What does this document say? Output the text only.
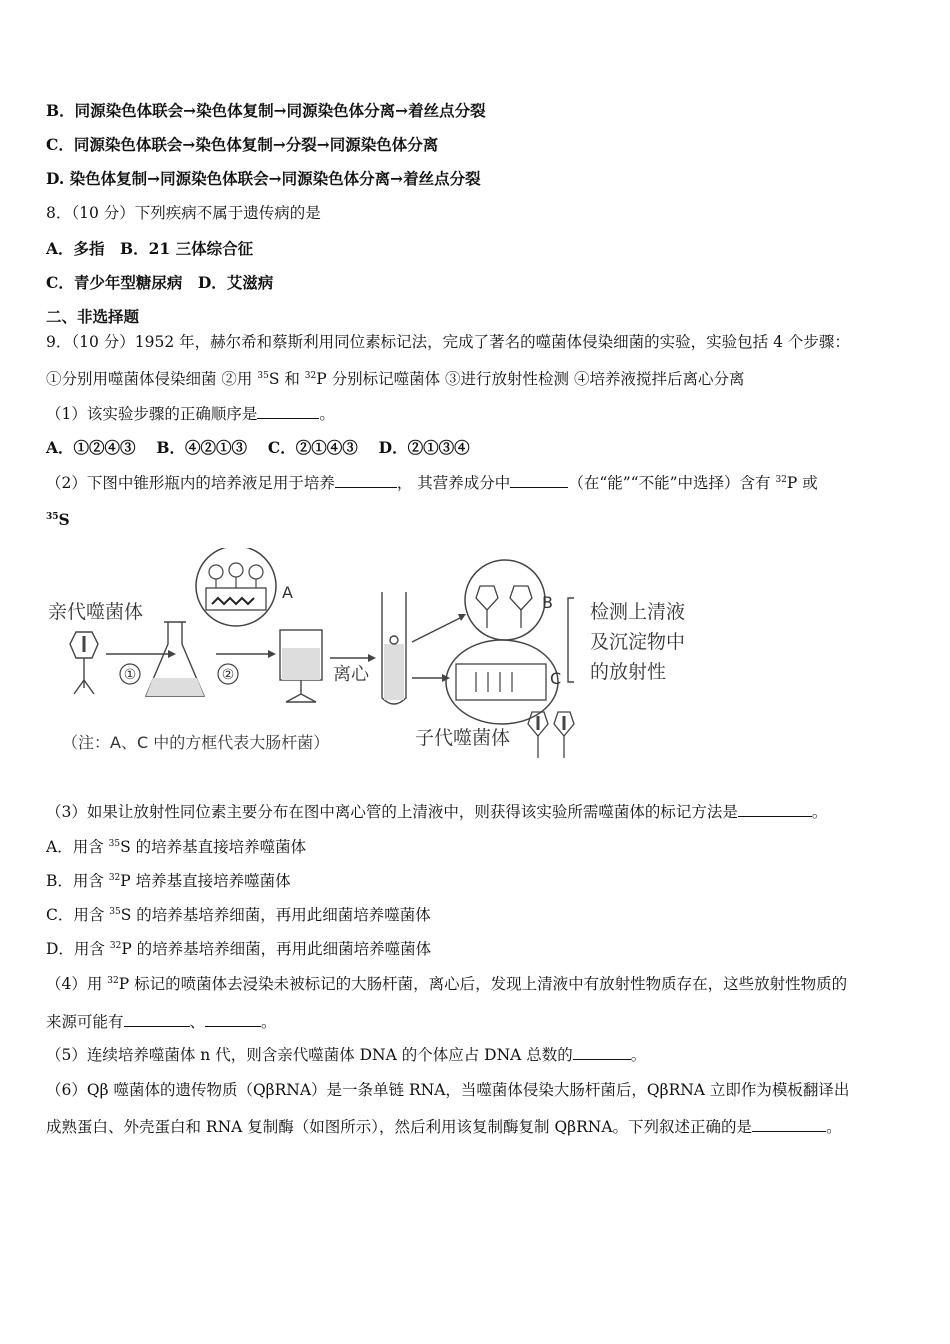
B．同源染色体联会→染色体复制→同源染色体分离→着丝点分裂
C．同源染色体联会→染色体复制→分裂→同源染色体分离
D. 染色体复制→同源染色体联会→同源染色体分离→着丝点分裂
8．（10 分）下列疾病不属于遗传病的是
A．多指　B．21 三体综合征
C．青少年型糖尿病　D．艾滋病
二、非选择题
9．（10 分）1952 年，赫尔希和蔡斯利用同位素标记法，完成了著名的噬菌体侵染细菌的实验，实验包括 4 个步骤：
①分别用噬菌体侵染细菌 ②用 $^{35}$S 和 $^{32}$P 分别标记噬菌体 ③进行放射性检测 ④培养液搅拌后离心分离
（1）该实验步骤的正确顺序是	。
A．①②④③　 B．④②①③　 C．②①④③　 D．②①③④
（2）下图中锥形瓶内的培养液足用于培养	， 其营养成分中	（在“能”“不能”中选择）含有 $^{32}$P 或
$^{35}$S
亲代噬菌体
①	②
A
离心
B
C
检测上清液
及沉淀物中
的放射性
子代噬菌体
（注：A、C 中的方框代表大肠杆菌）
（3）如果让放射性同位素主要分布在图中离心管的上清液中，则获得该实验所需噬菌体的标记方法是	。
A．用含 $^{35}$S 的培养基直接培养噬菌体
B．用含 $^{32}$P 培养基直接培养噬菌体
C．用含 $^{35}$S 的培养基培养细菌，再用此细菌培养噬菌体
D．用含 $^{32}$P 的培养基培养细菌，再用此细菌培养噬菌体
（4）用 $^{32}$P 标记的喷菌体去浸染未被标记的大肠杆菌，离心后，发现上清液中有放射性物质存在，这些放射性物质的
来源可能有	、	。
（5）连续培养噬菌体 n 代，则含亲代噬菌体 DNA 的个体应占 DNA 总数的	。
（6）Qβ 噬菌体的遗传物质（QβRNA）是一条单链 RNA，当噬菌体侵染大肠杆菌后，QβRNA 立即作为模板翻译出
成熟蛋白、外壳蛋白和 RNA 复制酶（如图所示），然后利用该复制酶复制 QβRNA。下列叙述正确的是	。
